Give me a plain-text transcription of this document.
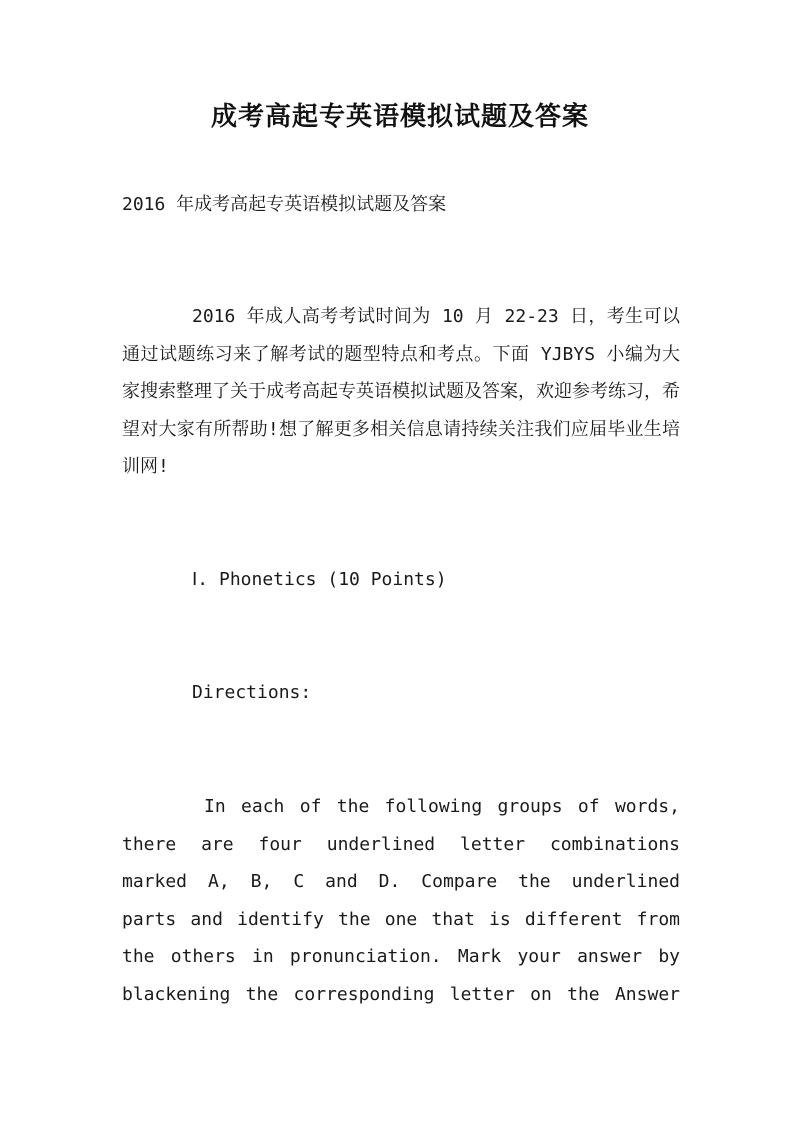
成考高起专英语模拟试题及答案
2016 年成考高起专英语模拟试题及答案
2016 年成人高考考试时间为 10 月 22-23 日，考生可以通过试题练习来了解考试的题型特点和考点。下面 YJBYS 小编为大家搜索整理了关于成考高起专英语模拟试题及答案，欢迎参考练习，希望对大家有所帮助!想了解更多相关信息请持续关注我们应届毕业生培训网!
Ⅰ. Phonetics (10 Points)
Directions:
In each of the following groups of words, there are four underlined letter combinations marked A, B, C and D. Compare the underlined parts and identify the one that is different from the others in pronunciation. Mark your answer by blackening the corresponding letter on the Answer
